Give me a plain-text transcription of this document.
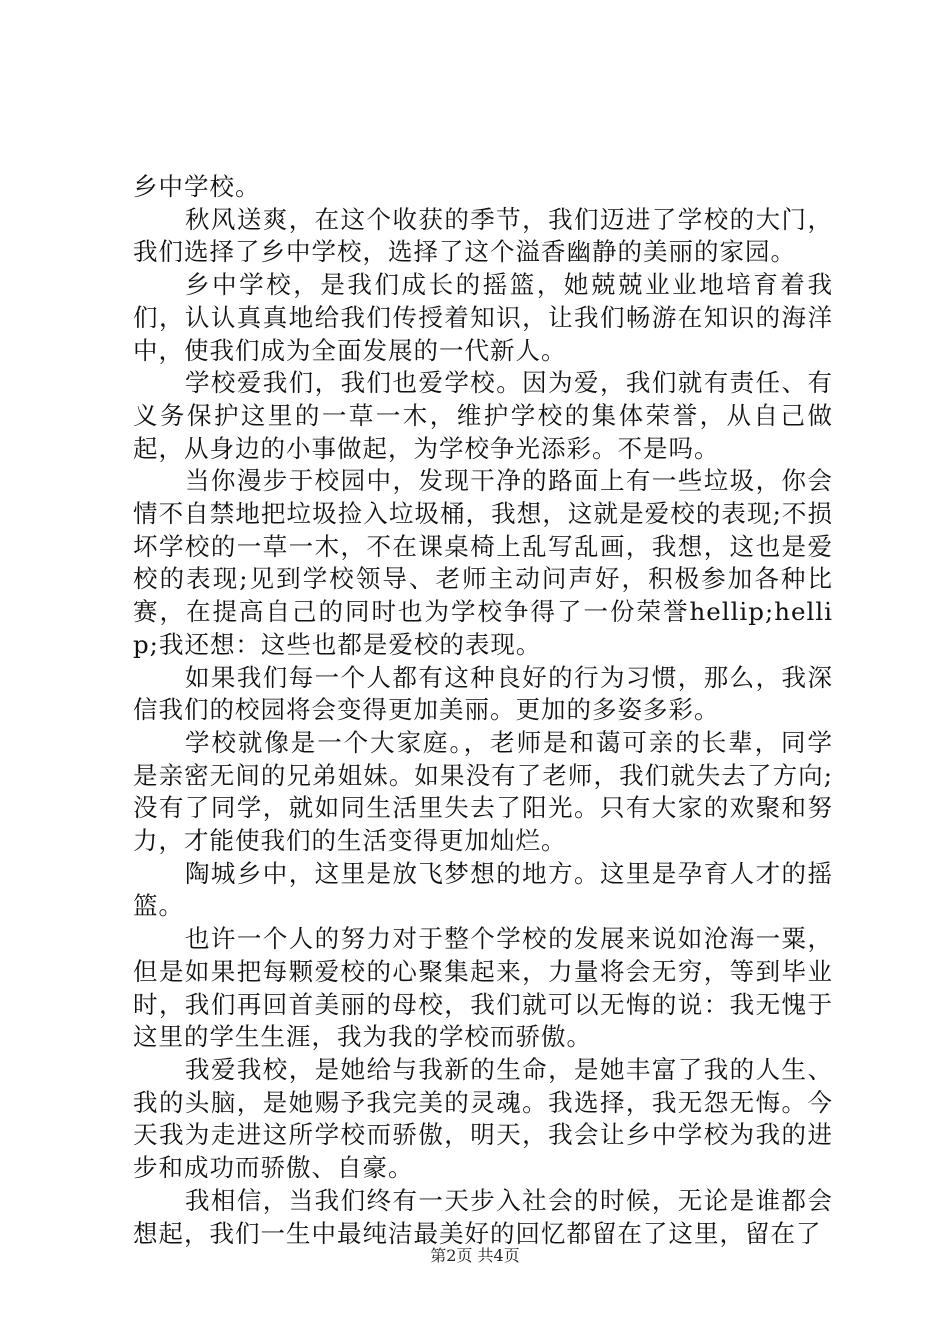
乡中学校。

秋风送爽，在这个收获的季节，我们迈进了学校的大门，我们选择了乡中学校，选择了这个溢香幽静的美丽的家园。

乡中学校，是我们成长的摇篮，她兢兢业业地培育着我们，认认真真地给我们传授着知识，让我们畅游在知识的海洋中，使我们成为全面发展的一代新人。

学校爱我们，我们也爱学校。因为爱，我们就有责任、有义务保护这里的一草一木，维护学校的集体荣誉，从自己做起，从身边的小事做起，为学校争光添彩。不是吗。

当你漫步于校园中，发现干净的路面上有一些垃圾，你会情不自禁地把垃圾捡入垃圾桶，我想，这就是爱校的表现;不损坏学校的一草一木，不在课桌椅上乱写乱画，我想，这也是爱校的表现;见到学校领导、老师主动问声好，积极参加各种比赛，在提高自己的同时也为学校争得了一份荣誉hellip;hellip;我还想：这些也都是爱校的表现。

如果我们每一个人都有这种良好的行为习惯，那么，我深信我们的校园将会变得更加美丽。更加的多姿多彩。

学校就像是一个大家庭。，老师是和蔼可亲的长辈，同学是亲密无间的兄弟姐妹。如果没有了老师，我们就失去了方向;没有了同学，就如同生活里失去了阳光。只有大家的欢聚和努力，才能使我们的生活变得更加灿烂。

陶城乡中，这里是放飞梦想的地方。这里是孕育人才的摇篮。

也许一个人的努力对于整个学校的发展来说如沧海一粟，但是如果把每颗爱校的心聚集起来，力量将会无穷，等到毕业时，我们再回首美丽的母校，我们就可以无悔的说：我无愧于这里的学生生涯，我为我的学校而骄傲。

我爱我校，是她给与我新的生命，是她丰富了我的人生、我的头脑，是她赐予我完美的灵魂。我选择，我无怨无悔。今天我为走进这所学校而骄傲，明天，我会让乡中学校为我的进步和成功而骄傲、自豪。

我相信，当我们终有一天步入社会的时候，无论是谁都会想起，我们一生中最纯洁最美好的回忆都留在了这里，留在了

第2页 共4页
